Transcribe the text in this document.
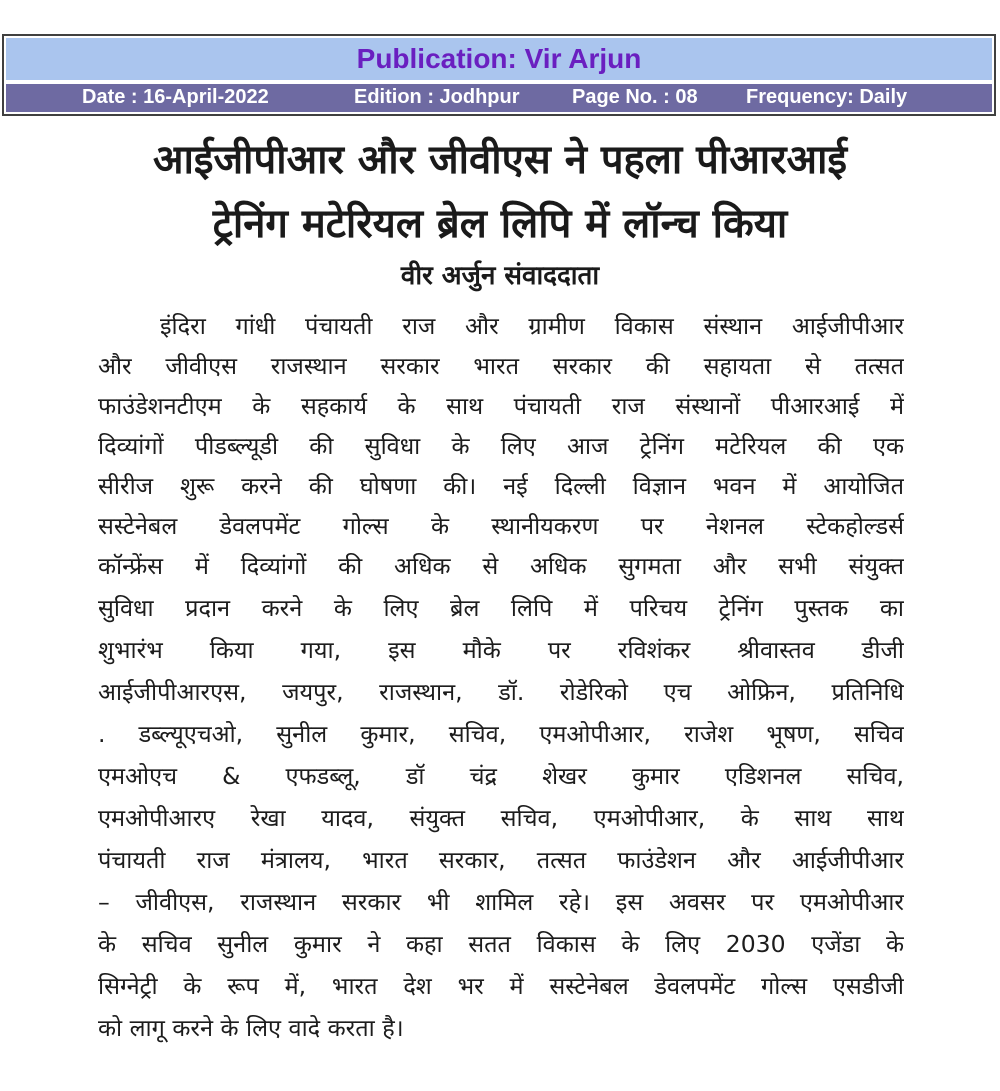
Publication: Vir Arjun
Date : 16-April-2022	Edition : Jodhpur	Page No. : 08 Frequency: Daily
आईजीपीआर और जीवीएस ने पहला पीआरआई
ट्रेनिंग मटेरियल ब्रेल लिपि में लॉन्च किया

वीर अर्जुन संवाददाता

इंदिरा गांधी पंचायती राज और ग्रामीण विकास संस्थान आईजीपीआर
और जीवीएस राजस्थान सरकार भारत सरकार की सहायता से तत्सत
फाउंडेशनटीएम के सहकार्य के साथ पंचायती राज संस्थानों पीआरआई में
दिव्यांगों पीडब्ल्यूडी की सुविधा के लिए आज ट्रेनिंग मटेरियल की एक
सीरीज शुरू करने की घोषणा की। नई दिल्ली विज्ञान भवन में आयोजित
सस्टेनेबल डेवलपमेंट गोल्स के स्थानीयकरण पर नेशनल स्टेकहोल्डर्स
कॉन्फ्रेंस में दिव्यांगों की अधिक से अधिक सुगमता और सभी संयुक्त
सुविधा प्रदान करने के लिए ब्रेल लिपि में परिचय ट्रेनिंग पुस्तक का
शुभारंभ किया गया, इस मौके पर रविशंकर श्रीवास्तव डीजी
आईजीपीआरएस, जयपुर, राजस्थान, डॉ. रोडेरिको एच ओफ्रिन, प्रतिनिधि
. डब्ल्यूएचओ, सुनील कुमार, सचिव, एमओपीआर, राजेश भूषण, सचिव
एमओएच & एफडब्लू, डॉ चंद्र शेखर कुमार एडिशनल सचिव,
एमओपीआरए रेखा यादव, संयुक्त सचिव, एमओपीआर, के साथ साथ
पंचायती राज मंत्रालय, भारत सरकार, तत्सत फाउंडेशन और आईजीपीआर
– जीवीएस, राजस्थान सरकार भी शामिल रहे। इस अवसर पर एमओपीआर
के सचिव सुनील कुमार ने कहा सतत विकास के लिए 2030 एजेंडा के
सिग्नेट्री के रूप में, भारत देश भर में सस्टेनेबल डेवलपमेंट गोल्स एसडीजी
को लागू करने के लिए वादे करता है।
